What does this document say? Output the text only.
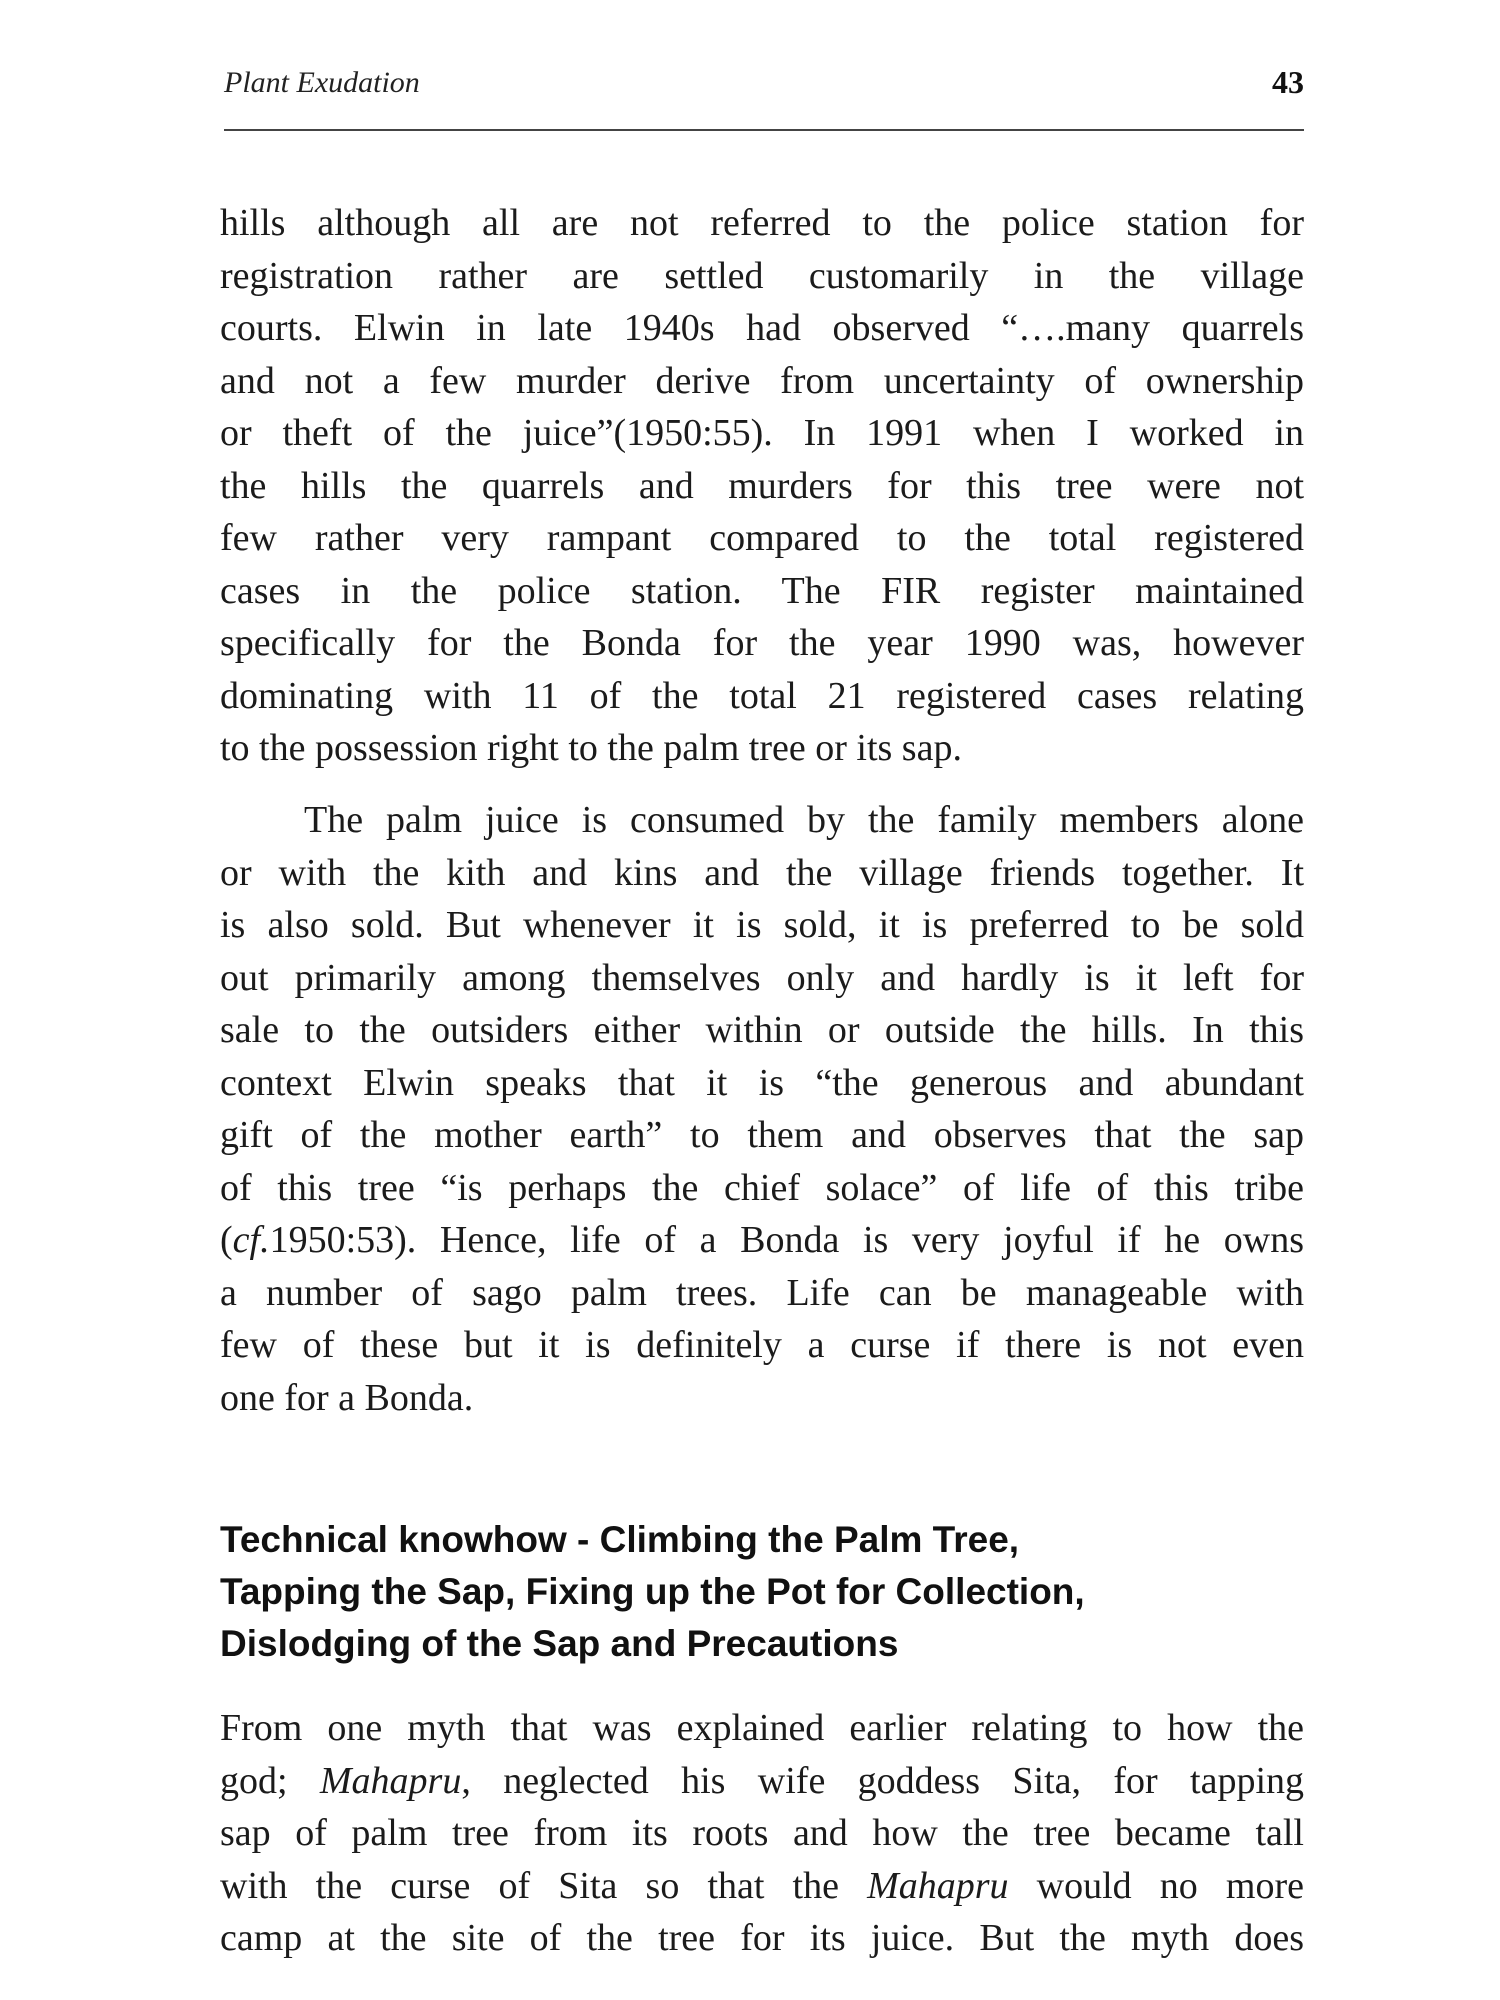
Plant Exudation	43
hills although all are not referred to the police station for
registration rather are settled customarily in the village
courts. Elwin in late 1940s had observed “….many quarrels
and not a few murder derive from uncertainty of ownership
or theft of the juice”(1950:55). In 1991 when I worked in
the hills the quarrels and murders for this tree were not
few rather very rampant compared to the total registered
cases in the police station. The FIR register maintained
specifically for the Bonda for the year 1990 was, however
dominating with 11 of the total 21 registered cases relating
to the possession right to the palm tree or its sap.
The palm juice is consumed by the family members alone
or with the kith and kins and the village friends together. It
is also sold. But whenever it is sold, it is preferred to be sold
out primarily among themselves only and hardly is it left for
sale to the outsiders either within or outside the hills. In this
context Elwin speaks that it is “the generous and abundant
gift of the mother earth” to them and observes that the sap
of this tree “is perhaps the chief solace” of life of this tribe
(cf.1950:53). Hence, life of a Bonda is very joyful if he owns
a number of sago palm trees. Life can be manageable with
few of these but it is definitely a curse if there is not even
one for a Bonda.
Technical knowhow - Climbing the Palm Tree,
Tapping the Sap, Fixing up the Pot for Collection,
Dislodging of the Sap and Precautions
From one myth that was explained earlier relating to how the
god; Mahapru, neglected his wife goddess Sita, for tapping
sap of palm tree from its roots and how the tree became tall
with the curse of Sita so that the Mahapru would no more
camp at the site of the tree for its juice. But the myth does
